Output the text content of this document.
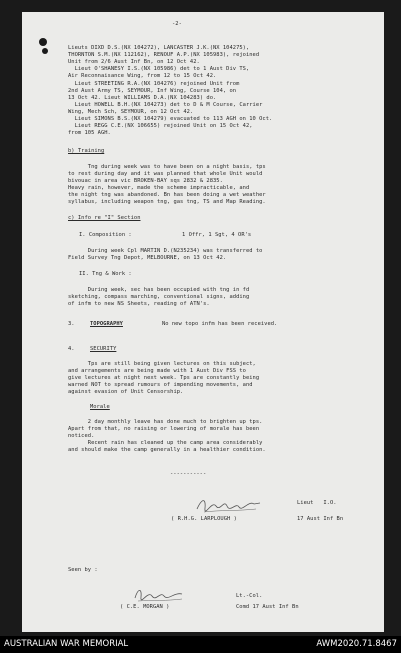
-2-
Lieuts DIXD D.S.(NX 104272), LANCASTER J.K.(NX 104275),
THORNTON S.M.(NX 112162), RENOUF A.P.(NX 105983), rejoined
Unit from 2/6 Aust Inf Bn, on 12 Oct 42.
Lieut O'SHANESY I.S.(NX 105986) det to 1 Aust Div TS,
Air Reconnaisance Wing, from 12 to 15 Oct 42.
Lieut STREETING R.A.(NX 104276) rejoined Unit from
2nd Aust Army TS, SEYMOUR, Inf Wing, Course 104, on
13 Oct 42. Lieut WILLIAMS D.A.(NX 104283) do.
Lieut HOWELL B.H.(NX 104273) det to D & M Course, Carrier
Wing, Mech Sch, SEYMOUR, on 12 Oct 42.
Lieut SIMONS B.S.(NX 104279) evacuated to 113 AGH on 10 Oct.
Lieut REGG C.E.(NX 106655) rejoined Unit on 15 Oct 42,
from 105 AGH.
b) Training
Tng during week was to have been on a night basis, tps
to rest during day and it was planned that whole Unit would
bivouac in area vic BROKEN-BAY sqs 2832 & 2835.
Heavy rain, however, made the scheme impracticable, and
the night tng was abandoned. Bn has been doing a wet weather
syllabus, including weapon tng, gas tng, TS and Map Reading.
c) Info re "I" Section
I. Composition :	1 Offr, 1 Sgt, 4 OR's
During week Cpl MARTIN D.(N235234) was transferred to
Field Survey Tng Depot, MELBOURNE, on 13 Oct 42.
II. Tng & Work :
During week, sec has been occupied with tng in fd
sketching, compass marching, conventional signs, adding
of infm to new NS Sheets, reading of ATN's.
3.	TOPOGRAPHY	No new topo infm has been received.
4.	SECURITY
Tps are still being given lectures on this subject,
and arrangements are being made with 1 Aust Div FSS to
give lectures at night next week. Tps are constantly being
warned NOT to spread rumours of impending movements, and
against evasion of Unit Censorship.
Morale
2 day monthly leave has done much to brighten up tps.
Apart from that, no raising or lowering of morale has been
noticed.
Recent rain has cleaned up the camp area considerably
and should make the camp generally in a healthier condition.
-----------
( R.H.G. LARPLOUGH )
Lieut   I.O.
17 Aust Inf Bn
Seen by :
( C.E. MORGAN )
Lt.-Col.
Comd 17 Aust Inf Bn
AUSTRALIAN WAR MEMORIAL	AWM2020.71.8467
